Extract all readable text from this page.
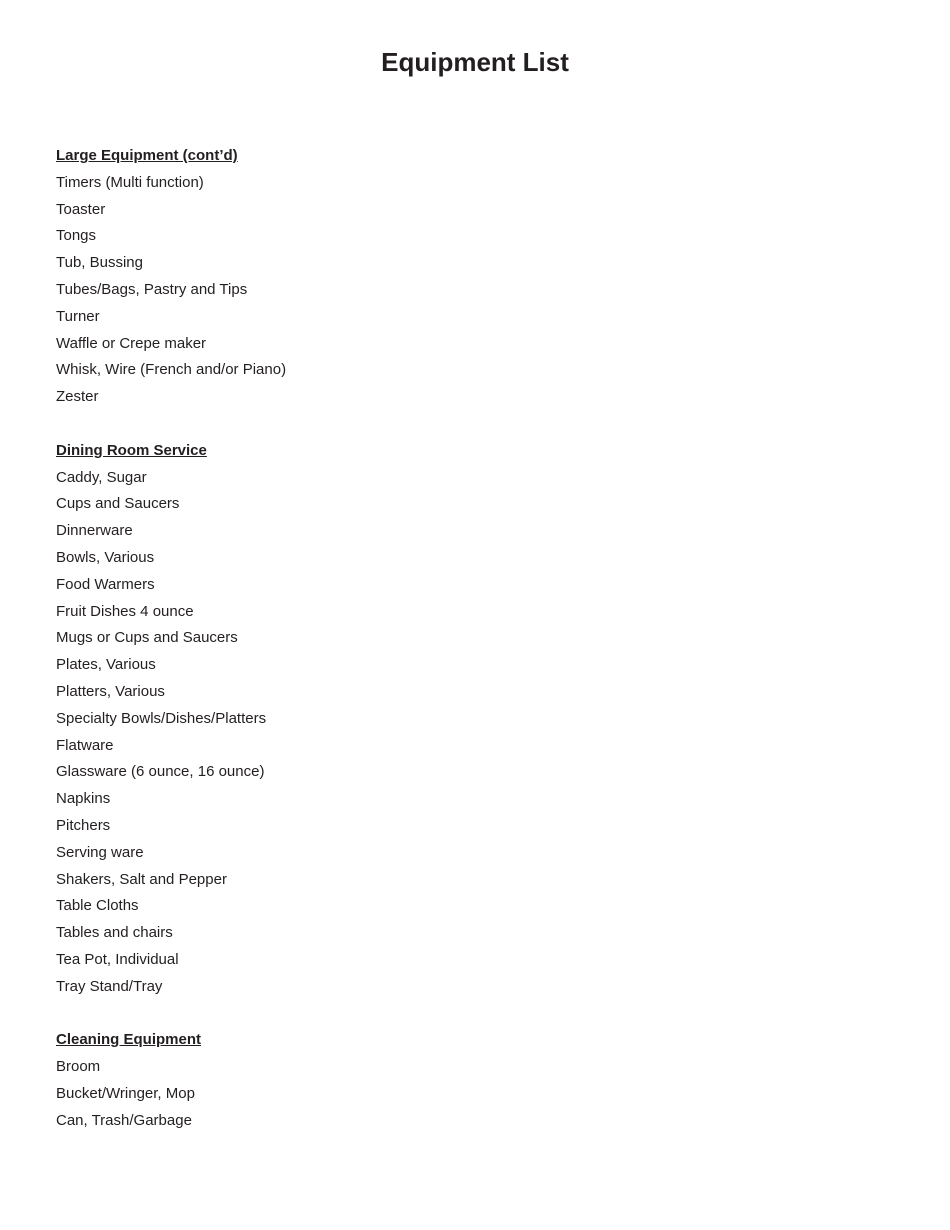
Equipment List
Large Equipment (cont’d)
Timers (Multi function)
Toaster
Tongs
Tub, Bussing
Tubes/Bags, Pastry and Tips
Turner
Waffle or Crepe maker
Whisk, Wire (French and/or Piano)
Zester
Dining Room Service
Caddy, Sugar
Cups and Saucers
Dinnerware
Bowls, Various
Food Warmers
Fruit Dishes 4 ounce
Mugs or Cups and Saucers
Plates, Various
Platters, Various
Specialty Bowls/Dishes/Platters
Flatware
Glassware (6 ounce, 16 ounce)
Napkins
Pitchers
Serving ware
Shakers, Salt and Pepper
Table Cloths
Tables and chairs
Tea Pot, Individual
Tray Stand/Tray
Cleaning Equipment
Broom
Bucket/Wringer, Mop
Can, Trash/Garbage
